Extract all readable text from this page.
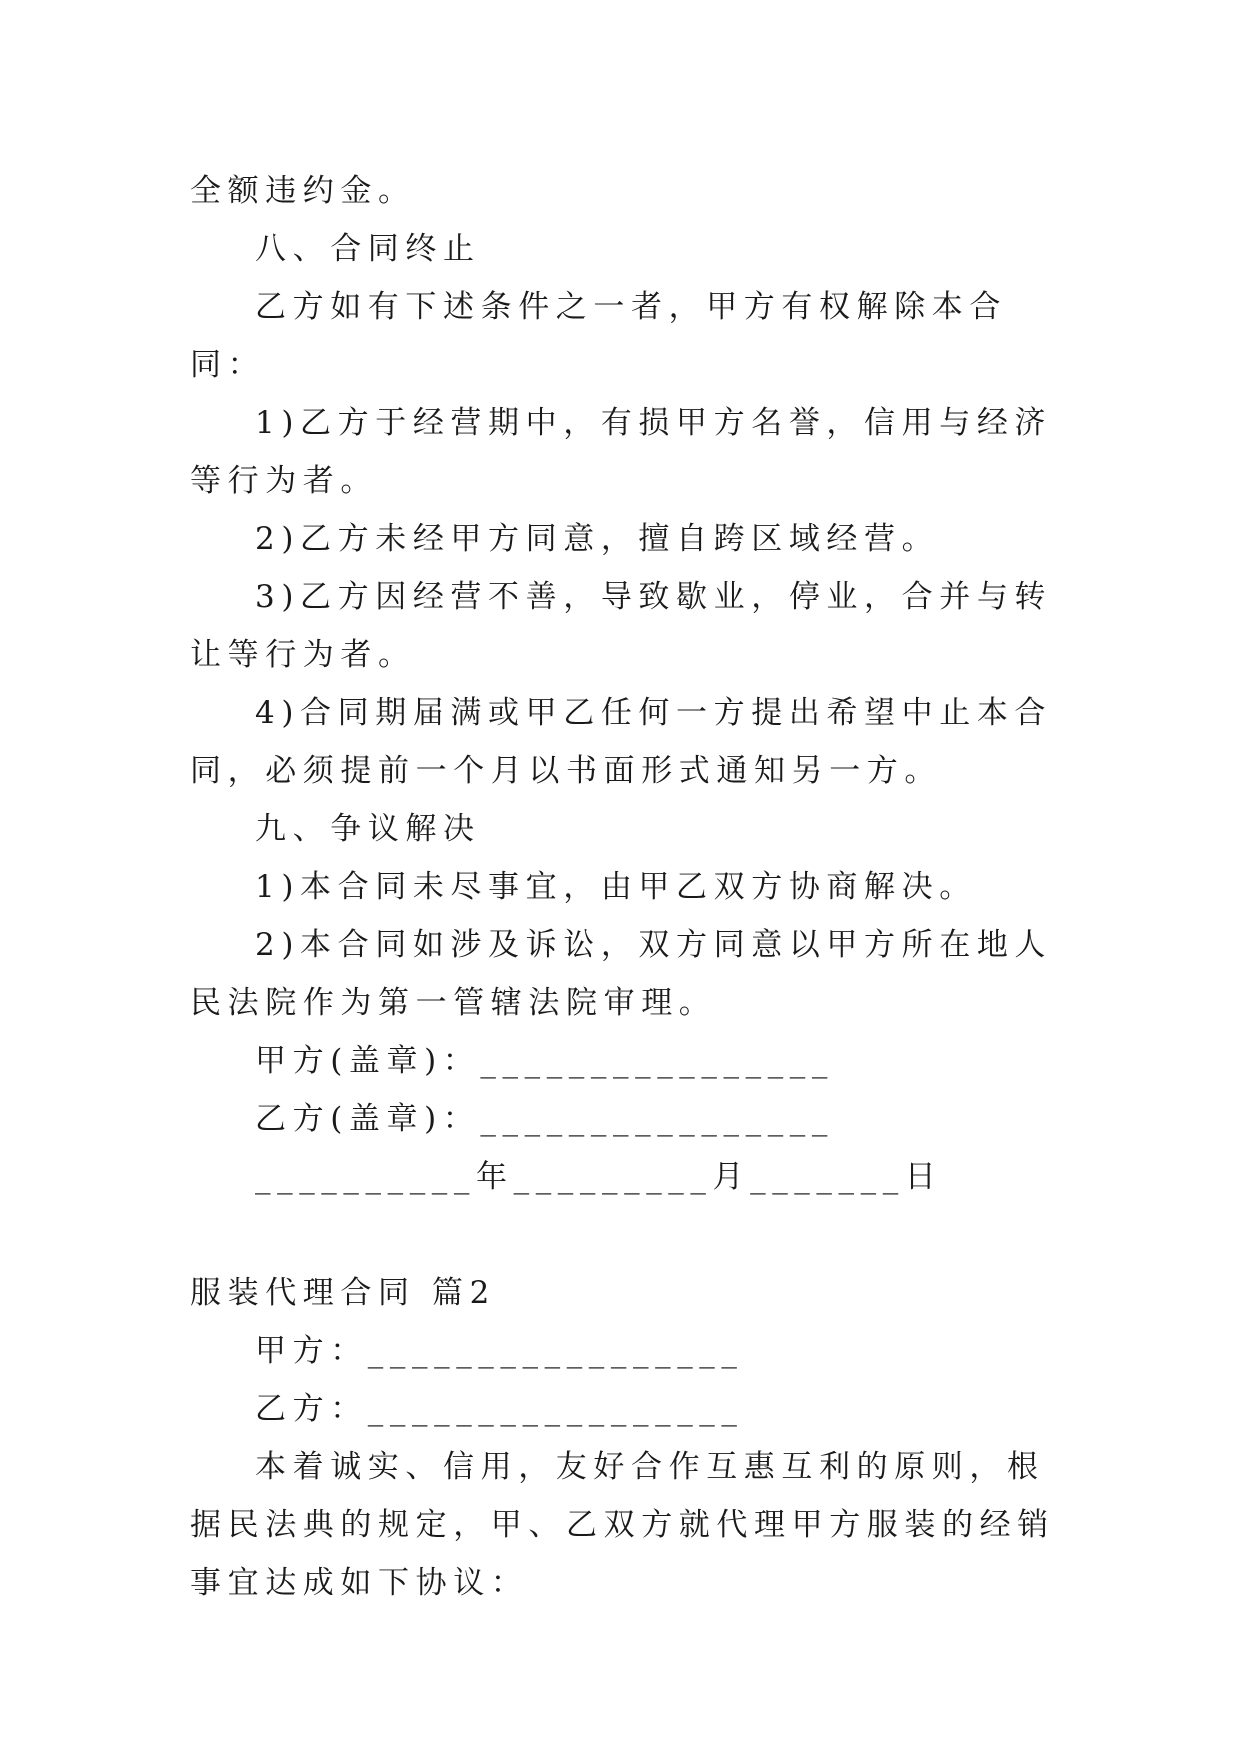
全额违约金。

八、合同终止

乙方如有下述条件之一者，甲方有权解除本合同：

1)乙方于经营期中，有损甲方名誉，信用与经济等行为者。

2)乙方未经甲方同意，擅自跨区域经营。

3)乙方因经营不善，导致歇业，停业，合并与转让等行为者。

4)合同期届满或甲乙任何一方提出希望中止本合同，必须提前一个月以书面形式通知另一方。

九、争议解决

1)本合同未尽事宜，由甲乙双方协商解决。

2)本合同如涉及诉讼，双方同意以甲方所在地人民法院作为第一管辖法院审理。

甲方(盖章)：________________

乙方(盖章)：________________

__________年_________月_______日

服装代理合同 篇2

甲方：_________________

乙方：_________________

本着诚实、信用，友好合作互惠互利的原则，根据民法典的规定，甲、乙双方就代理甲方服装的经销事宜达成如下协议：
